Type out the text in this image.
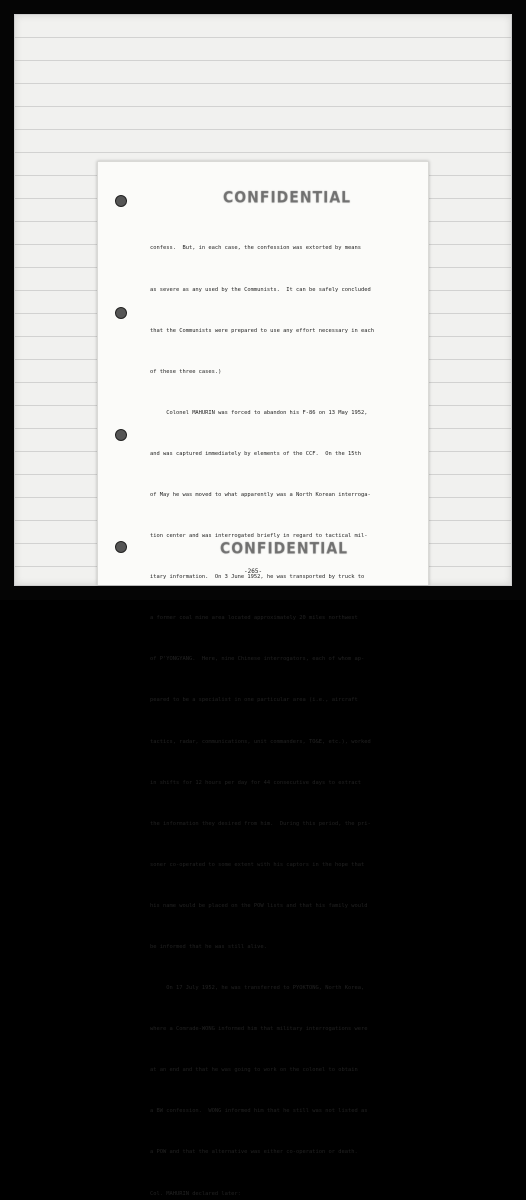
CONFIDENTIAL

confess.  But, in each case, the confession was extorted by means

as severe as any used by the Communists.  It can be safely concluded

that the Communists were prepared to use any effort necessary in each

of these three cases.)

Colonel MAHURIN was forced to abandon his F-86 on 13 May 1952,

and was captured immediately by elements of the CCF.  On the 15th

of May he was moved to what apparently was a North Korean interroga-

tion center and was interrogated briefly in regard to tactical mil-

itary information.  On 3 June 1952, he was transported by truck to

a former coal mine area located approximately 20 miles northwest

of P'YONGYANG.  Here, nine Chinese interrogators, each of whom ap-

peared to be a specialist in one particular area (i.e., aircraft

tactics, radar, communications, unit commanders, TO&E, etc.), worked

in shifts for 12 hours per day for 44 consecutive days to extract

the information they desired from him.  During this period, the pri-

soner co-operated to some extent with his captors in the hope that

his name would be placed on the POW lists and that his family would

be informed that he was still alive.

On 17 July 1952, he was transferred to PYOKTONG, North Korea,

where a Comrade-WONG informed him that military interrogations were

at an end and that he was going to work on the colonel to obtain

a BW confession.  WONG informed him that he still was not listed as

a POW and that the alternative was either co-operation or death.

Col. MAHURIN declared later:

CONFIDENTIAL
-265-
